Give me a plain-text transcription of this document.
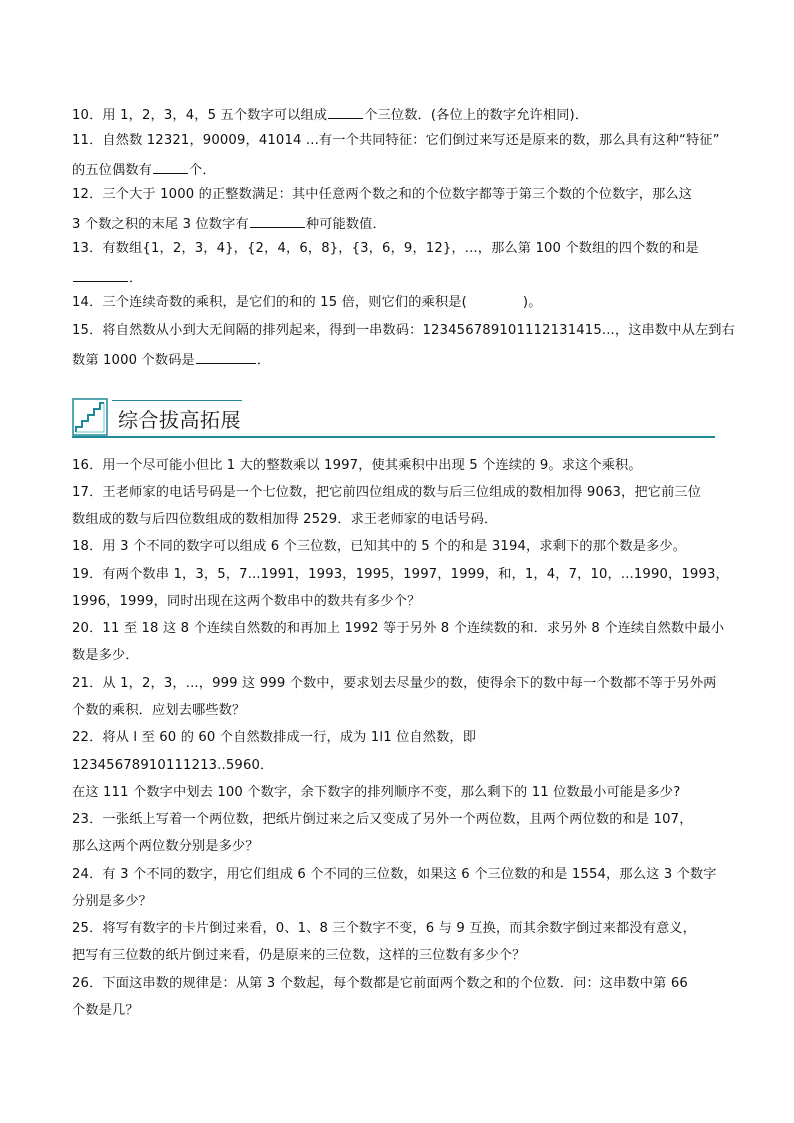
10．用 1，2，3，4，5 五个数字可以组成	个三位数．(各位上的数字允许相同)．
11．自然数 12321，90009，41014 ...有一个共同特征：它们倒过来写还是原来的数，那么具有这种“特征”
的五位偶数有	个．
12．三个大于 1000 的正整数满足：其中任意两个数之和的个位数字都等于第三个数的个位数字，那么这
3 个数之积的末尾 3 位数字有	种可能数值．
13．有数组{1，2，3，4}，{2，4，6，8}，{3，6，9，12}，...，那么第 100 个数组的四个数的和是
．
14．三个连续奇数的乘积，是它们的和的 15 倍，则它们的乘积是(	)。
15．将自然数从小到大无间隔的排列起来，得到一串数码：123456789101112131415...，这串数中从左到右
数第 1000 个数码是	．
综合拔高拓展
16．用一个尽可能小但比 1 大的整数乘以 1997，使其乘积中出现 5 个连续的 9。求这个乘积。
17．王老师家的电话号码是一个七位数，把它前四位组成的数与后三位组成的数相加得 9063，把它前三位
数组成的数与后四位数组成的数相加得 2529．求王老师家的电话号码．
18．用 3 个不同的数字可以组成 6 个三位数，已知其中的 5 个的和是 3194，求剩下的那个数是多少。
19．有两个数串 1，3，5，7...1991，1993，1995，1997，1999，和，1，4，7，10，...1990，1993，
1996，1999，同时出现在这两个数串中的数共有多少个？
20．11 至 18 这 8 个连续自然数的和再加上 1992 等于另外 8 个连续数的和．求另外 8 个连续自然数中最小
数是多少．
21．从 1，2，3，...，999 这 999 个数中，要求划去尽量少的数，使得余下的数中每一个数都不等于另外两
个数的乘积．应划去哪些数？
22．将从 l 至 60 的 60 个自然数排成一行，成为 1l1 位自然数，即
12345678910111213..5960．
在这 111 个数字中划去 100 个数字，余下数字的排列顺序不变，那么剩下的 11 位数最小可能是多少?
23．一张纸上写着一个两位数，把纸片倒过来之后又变成了另外一个两位数，且两个两位数的和是 107，
那么这两个两位数分别是多少？
24．有 3 个不同的数字，用它们组成 6 个不同的三位数，如果这 6 个三位数的和是 1554，那么这 3 个数字
分别是多少？
25．将写有数字的卡片倒过来看，0、1、8 三个数字不变，6 与 9 互换，而其余数字倒过来都没有意义，
把写有三位数的纸片倒过来看，仍是原来的三位数，这样的三位数有多少个？
26．下面这串数的规律是：从第 3 个数起，每个数都是它前面两个数之和的个位数．问：这串数中第 66
个数是几？
